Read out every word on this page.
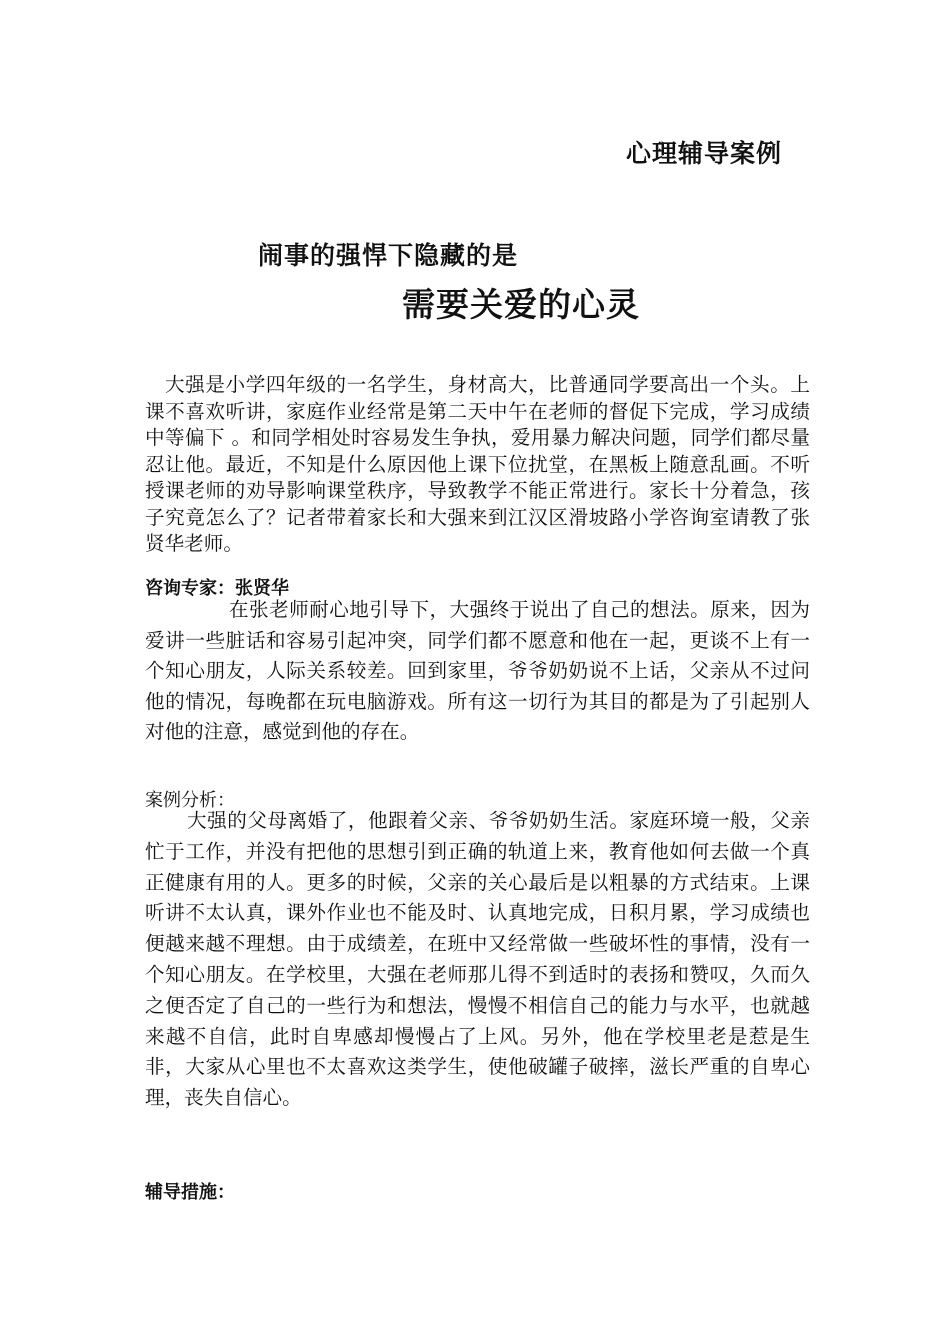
心理辅导案例
闹事的强悍下隐藏的是
需要关爱的心灵

大强是小学四年级的一名学生，身材高大，比普通同学要高出一个头。上课不喜欢听讲，家庭作业经常是第二天中午在老师的督促下完成，学习成绩中等偏下 。和同学相处时容易发生争执，爱用暴力解决问题，同学们都尽量忍让他。最近，不知是什么原因他上课下位扰堂，在黑板上随意乱画。不听授课老师的劝导影响课堂秩序，导致教学不能正常进行。家长十分着急，孩子究竟怎么了？记者带着家长和大强来到江汉区滑坡路小学咨询室请教了张贤华老师。

咨询专家：张贤华

在张老师耐心地引导下，大强终于说出了自己的想法。原来，因为爱讲一些脏话和容易引起冲突，同学们都不愿意和他在一起，更谈不上有一个知心朋友，人际关系较差。回到家里，爷爷奶奶说不上话，父亲从不过问他的情况，每晚都在玩电脑游戏。所有这一切行为其目的都是为了引起别人对他的注意，感觉到他的存在。

案例分析：

大强的父母离婚了，他跟着父亲、爷爷奶奶生活。家庭环境一般，父亲忙于工作，并没有把他的思想引到正确的轨道上来，教育他如何去做一个真正健康有用的人。更多的时候，父亲的关心最后是以粗暴的方式结束。上课听讲不太认真，课外作业也不能及时、认真地完成，日积月累，学习成绩也便越来越不理想。由于成绩差，在班中又经常做一些破坏性的事情，没有一个知心朋友。在学校里，大强在老师那儿得不到适时的表扬和赞叹，久而久之便否定了自己的一些行为和想法，慢慢不相信自己的能力与水平，也就越来越不自信，此时自卑感却慢慢占了上风。另外，他在学校里老是惹是生非，大家从心里也不太喜欢这类学生，使他破罐子破摔，滋长严重的自卑心理，丧失自信心。

辅导措施：
